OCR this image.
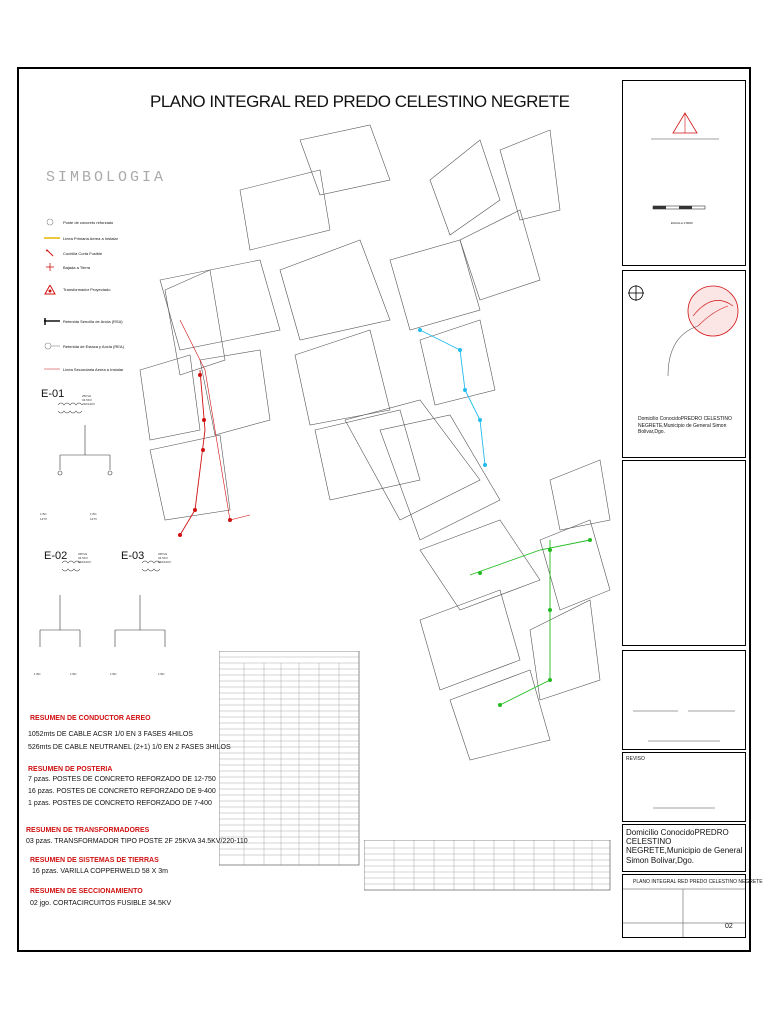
PLANO INTEGRAL RED PREDO CELESTINO NEGRETE
SIMBOLOGIA
Poste de concreto reforzado
Linea Primaria Aerea a Instalar
Cuchilla Corta Fusible
Bajada a Tierra
Transformador Proyectado
Retenida Sencilla de Ancla (RSA)
Retenida de Estaca y Ancla (REA)
Linea Secundaria Aerea a Instalar
25KVA
34.5KV
240/120V
1 BC
127V
1 BC
127V
25KVA
34.5KV
240/120V
1 BC	1 BC
25KVA
34.5KV
240/120V
1 BC	1 BC
E-01
E-02	E-03
RESUMEN DE CONDUCTOR AEREO
1052mts DE CABLE ACSR 1/0 EN 3 FASES 4HILOS
526mts DE CABLE NEUTRANEL (2+1) 1/0 EN 2 FASES 3HILOS
RESUMEN DE POSTERIA
7 pzas. POSTES DE CONCRETO REFORZADO DE 12-750
16 pzas. POSTES DE CONCRETO REFORZADO DE 9-400
1 pzas. POSTES DE CONCRETO REFORZADO DE 7-400
RESUMEN DE TRANSFORMADORES
03 pzas. TRANSFORMADOR TIPO POSTE 2F 25KVA 34.5KV/220-110
RESUMEN DE SISTEMAS DE TIERRAS
16 pzas. VARILLA COPPERWELD 58 X 3m
RESUMEN DE SECCIONAMIENTO
02 jgo. CORTACIRCUITOS FUSIBLE 34.5KV
ESCALA 1:5000
Domicilio ConocidoPREDRO CELESTINO NEGRETE,Municipio de General Simon Bolivar,Dgo.
REVISO
Domicilio ConocidoPREDRO CELESTINO NEGRETE,Municipio de General Simon Bolivar,Dgo.
PLANO INTEGRAL RED PREDO CELESTINO NEGRETE
02
